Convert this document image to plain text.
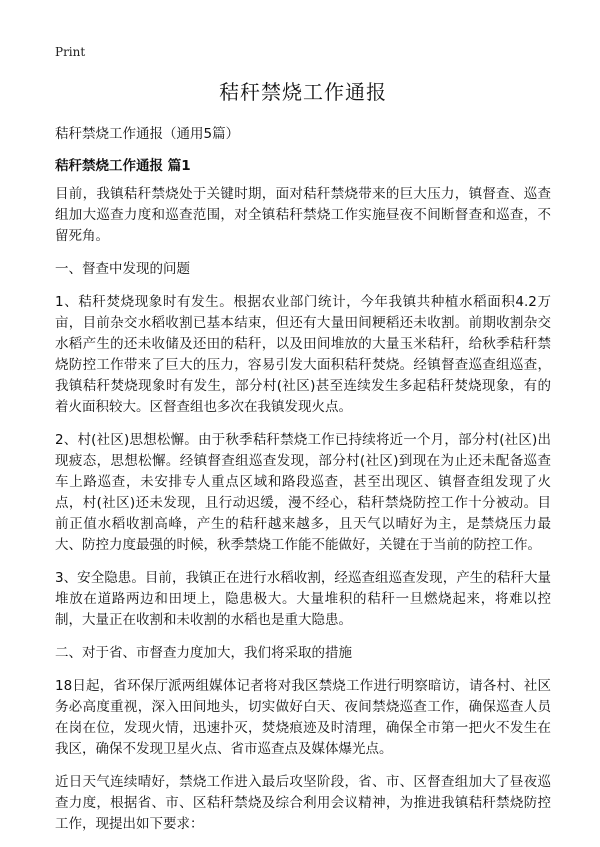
Print
秸秆禁烧工作通报

秸秆禁烧工作通报（通用5篇）

秸秆禁烧工作通报 篇1

目前，我镇秸秆禁烧处于关键时期，面对秸秆禁烧带来的巨大压力，镇督查、巡查组加大巡查力度和巡查范围，对全镇秸秆禁烧工作实施昼夜不间断督查和巡查，不留死角。

一、督查中发现的问题

1、秸秆焚烧现象时有发生。根据农业部门统计，今年我镇共种植水稻面积4.2万亩，目前杂交水稻收割已基本结束，但还有大量田间粳稻还未收割。前期收割杂交水稻产生的还未收储及还田的秸秆，以及田间堆放的大量玉米秸秆，给秋季秸秆禁烧防控工作带来了巨大的压力，容易引发大面积秸秆焚烧。经镇督查巡查组巡查，我镇秸秆焚烧现象时有发生，部分村(社区)甚至连续发生多起秸秆焚烧现象，有的着火面积较大。区督查组也多次在我镇发现火点。

2、村(社区)思想松懈。由于秋季秸秆禁烧工作已持续将近一个月，部分村(社区)出现疲态，思想松懈。经镇督查组巡查发现，部分村(社区)到现在为止还未配备巡查车上路巡查，未安排专人重点区域和路段巡查，甚至出现区、镇督查组发现了火点，村(社区)还未发现，且行动迟缓，漫不经心，秸秆禁烧防控工作十分被动。目前正值水稻收割高峰，产生的秸秆越来越多，且天气以晴好为主，是禁烧压力最大、防控力度最强的时候，秋季禁烧工作能不能做好，关键在于当前的防控工作。

3、安全隐患。目前，我镇正在进行水稻收割，经巡查组巡查发现，产生的秸秆大量堆放在道路两边和田埂上，隐患极大。大量堆积的秸秆一旦燃烧起来，将难以控制，大量正在收割和未收割的水稻也是重大隐患。

二、对于省、市督查力度加大，我们将采取的措施

18日起，省环保厅派两组媒体记者将对我区禁烧工作进行明察暗访，请各村、社区务必高度重视，深入田间地头，切实做好白天、夜间禁烧巡查工作，确保巡查人员在岗在位，发现火情，迅速扑灭，焚烧痕迹及时清理，确保全市第一把火不发生在我区，确保不发现卫星火点、省市巡查点及媒体爆光点。

近日天气连续晴好，禁烧工作进入最后攻坚阶段，省、市、区督查组加大了昼夜巡查力度，根据省、市、区秸秆禁烧及综合利用会议精神，为推进我镇秸秆禁烧防控工作，现提出如下要求：
